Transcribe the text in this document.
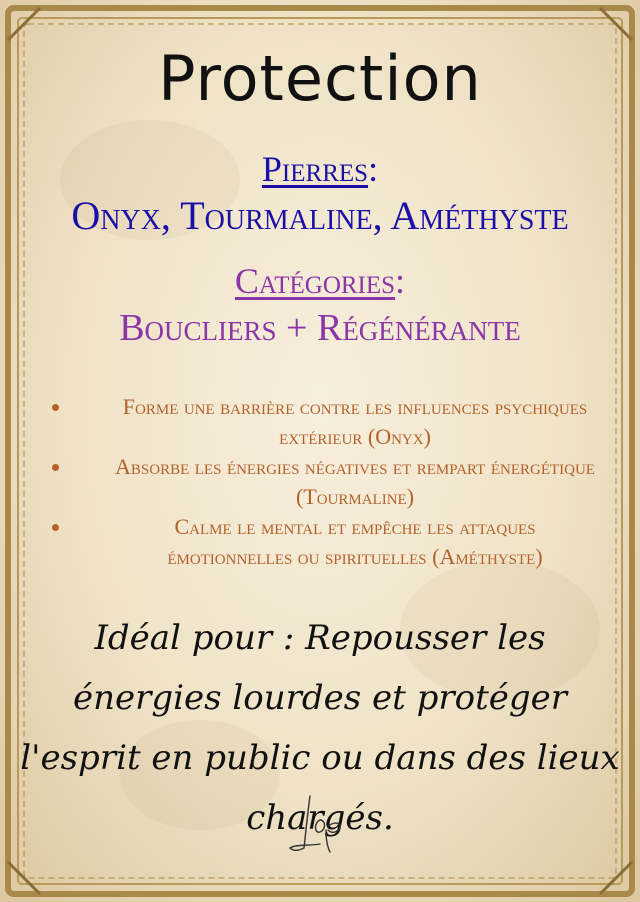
Protection
Pierres:
Onyx, Tourmaline, Améthyste
Catégories:
Boucliers + Régénérante
Forme une barrière contre les influences psychiques extérieur (Onyx)
Absorbe les énergies négatives et rempart énergétique (Tourmaline)
Calme le mental et empêche les attaques émotionnelles ou spirituelles (Améthyste)
Idéal pour : Repousser les énergies lourdes et protéger l'esprit en public ou dans des lieux chargés.
